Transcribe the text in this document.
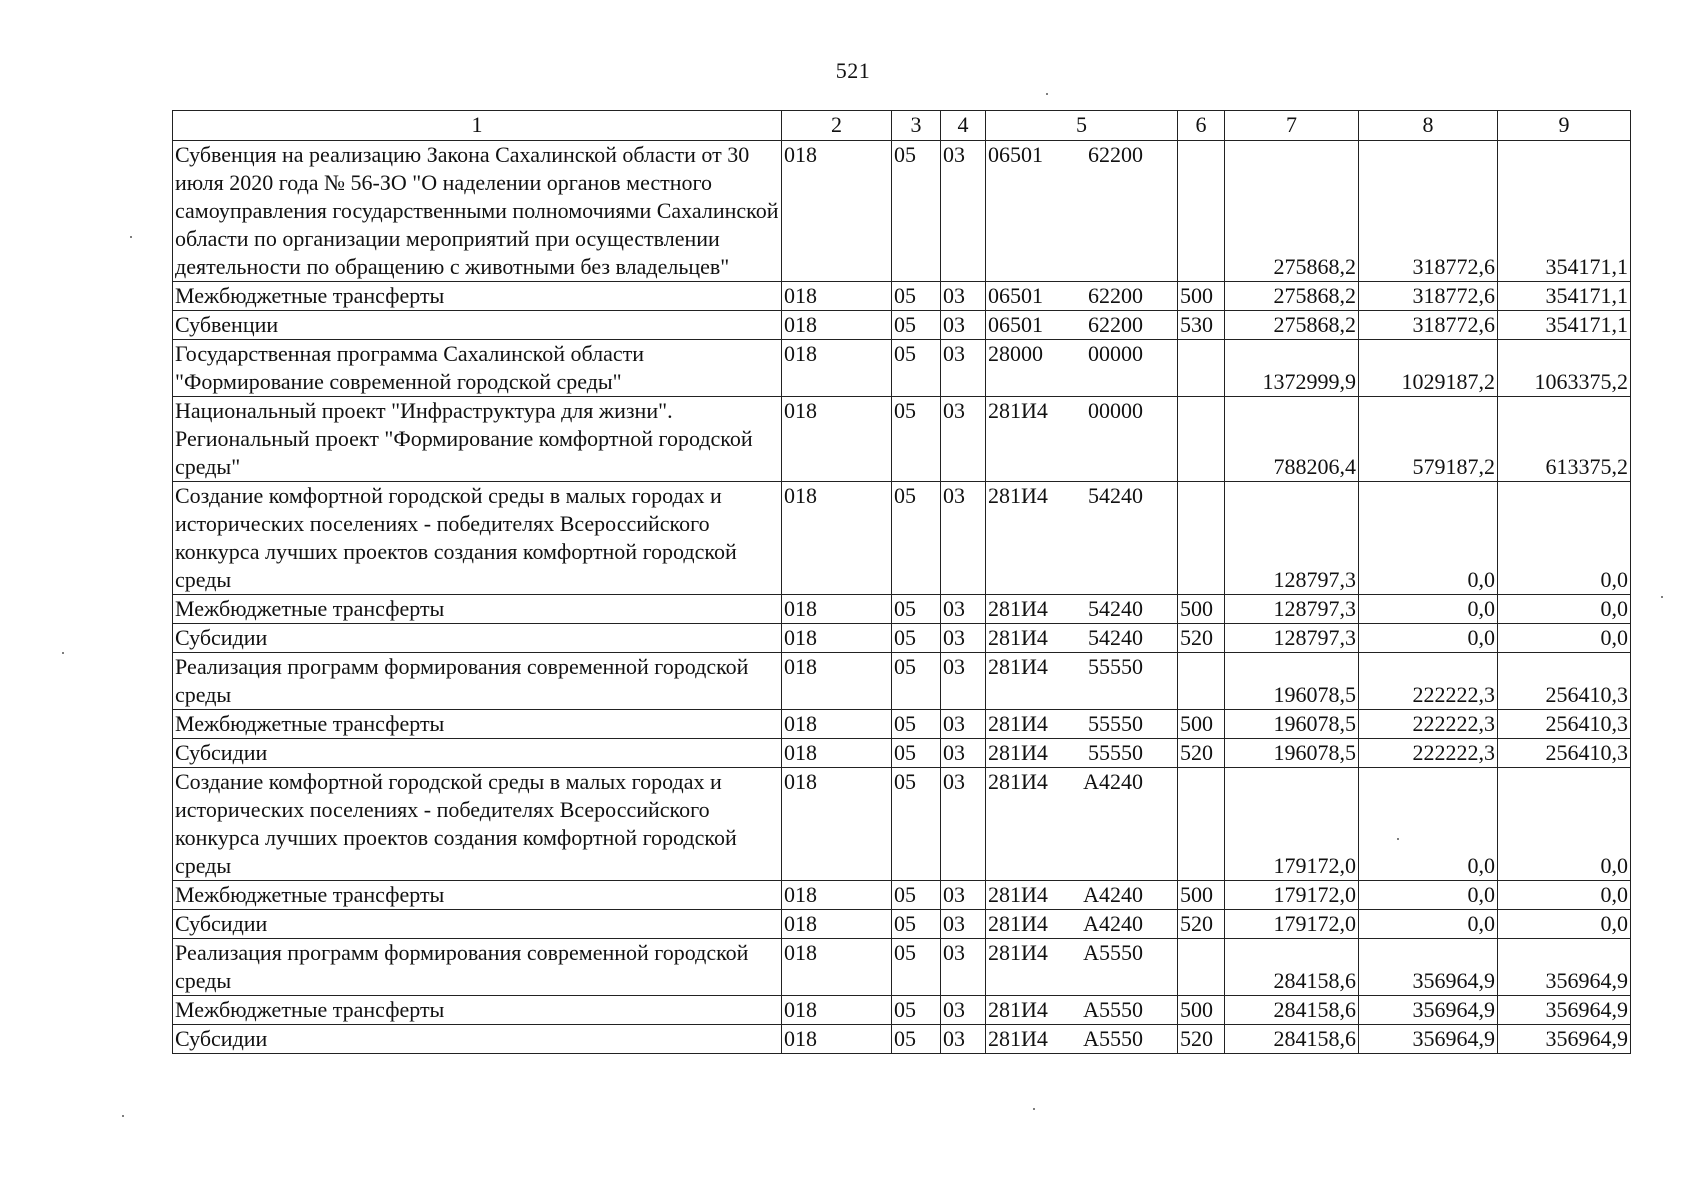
521
1	2	3	4	5	6	7	8	9
Субвенция на реализацию Закона Сахалинской области от 30 июля 2020 года № 56-ЗО "О наделении органов местного самоуправления государственными полномочиями Сахалинской области по организации мероприятий при осуществлении деятельности по обращению с животными без владельцев"	018	05	03	06501 62200		275868,2	318772,6	354171,1
Межбюджетные трансферты	018	05	03	06501 62200	500	275868,2	318772,6	354171,1
Субвенции	018	05	03	06501 62200	530	275868,2	318772,6	354171,1
Государственная программа Сахалинской области "Формирование современной городской среды"	018	05	03	28000 00000		1372999,9	1029187,2	1063375,2
Национальный проект "Инфраструктура для жизни". Региональный проект "Формирование комфортной городской среды"	018	05	03	281И4 00000		788206,4	579187,2	613375,2
Создание комфортной городской среды в малых городах и исторических поселениях - победителях Всероссийского конкурса лучших проектов создания комфортной городской среды	018	05	03	281И4 54240		128797,3	0,0	0,0
Межбюджетные трансферты	018	05	03	281И4 54240	500	128797,3	0,0	0,0
Субсидии	018	05	03	281И4 54240	520	128797,3	0,0	0,0
Реализация программ формирования современной городской среды	018	05	03	281И4 55550		196078,5	222222,3	256410,3
Межбюджетные трансферты	018	05	03	281И4 55550	500	196078,5	222222,3	256410,3
Субсидии	018	05	03	281И4 55550	520	196078,5	222222,3	256410,3
Создание комфортной городской среды в малых городах и исторических поселениях - победителях Всероссийского конкурса лучших проектов создания комфортной городской среды	018	05	03	281И4 А4240		179172,0	0,0	0,0
Межбюджетные трансферты	018	05	03	281И4 А4240	500	179172,0	0,0	0,0
Субсидии	018	05	03	281И4 А4240	520	179172,0	0,0	0,0
Реализация программ формирования современной городской среды	018	05	03	281И4 А5550		284158,6	356964,9	356964,9
Межбюджетные трансферты	018	05	03	281И4 А5550	500	284158,6	356964,9	356964,9
Субсидии	018	05	03	281И4 А5550	520	284158,6	356964,9	356964,9
